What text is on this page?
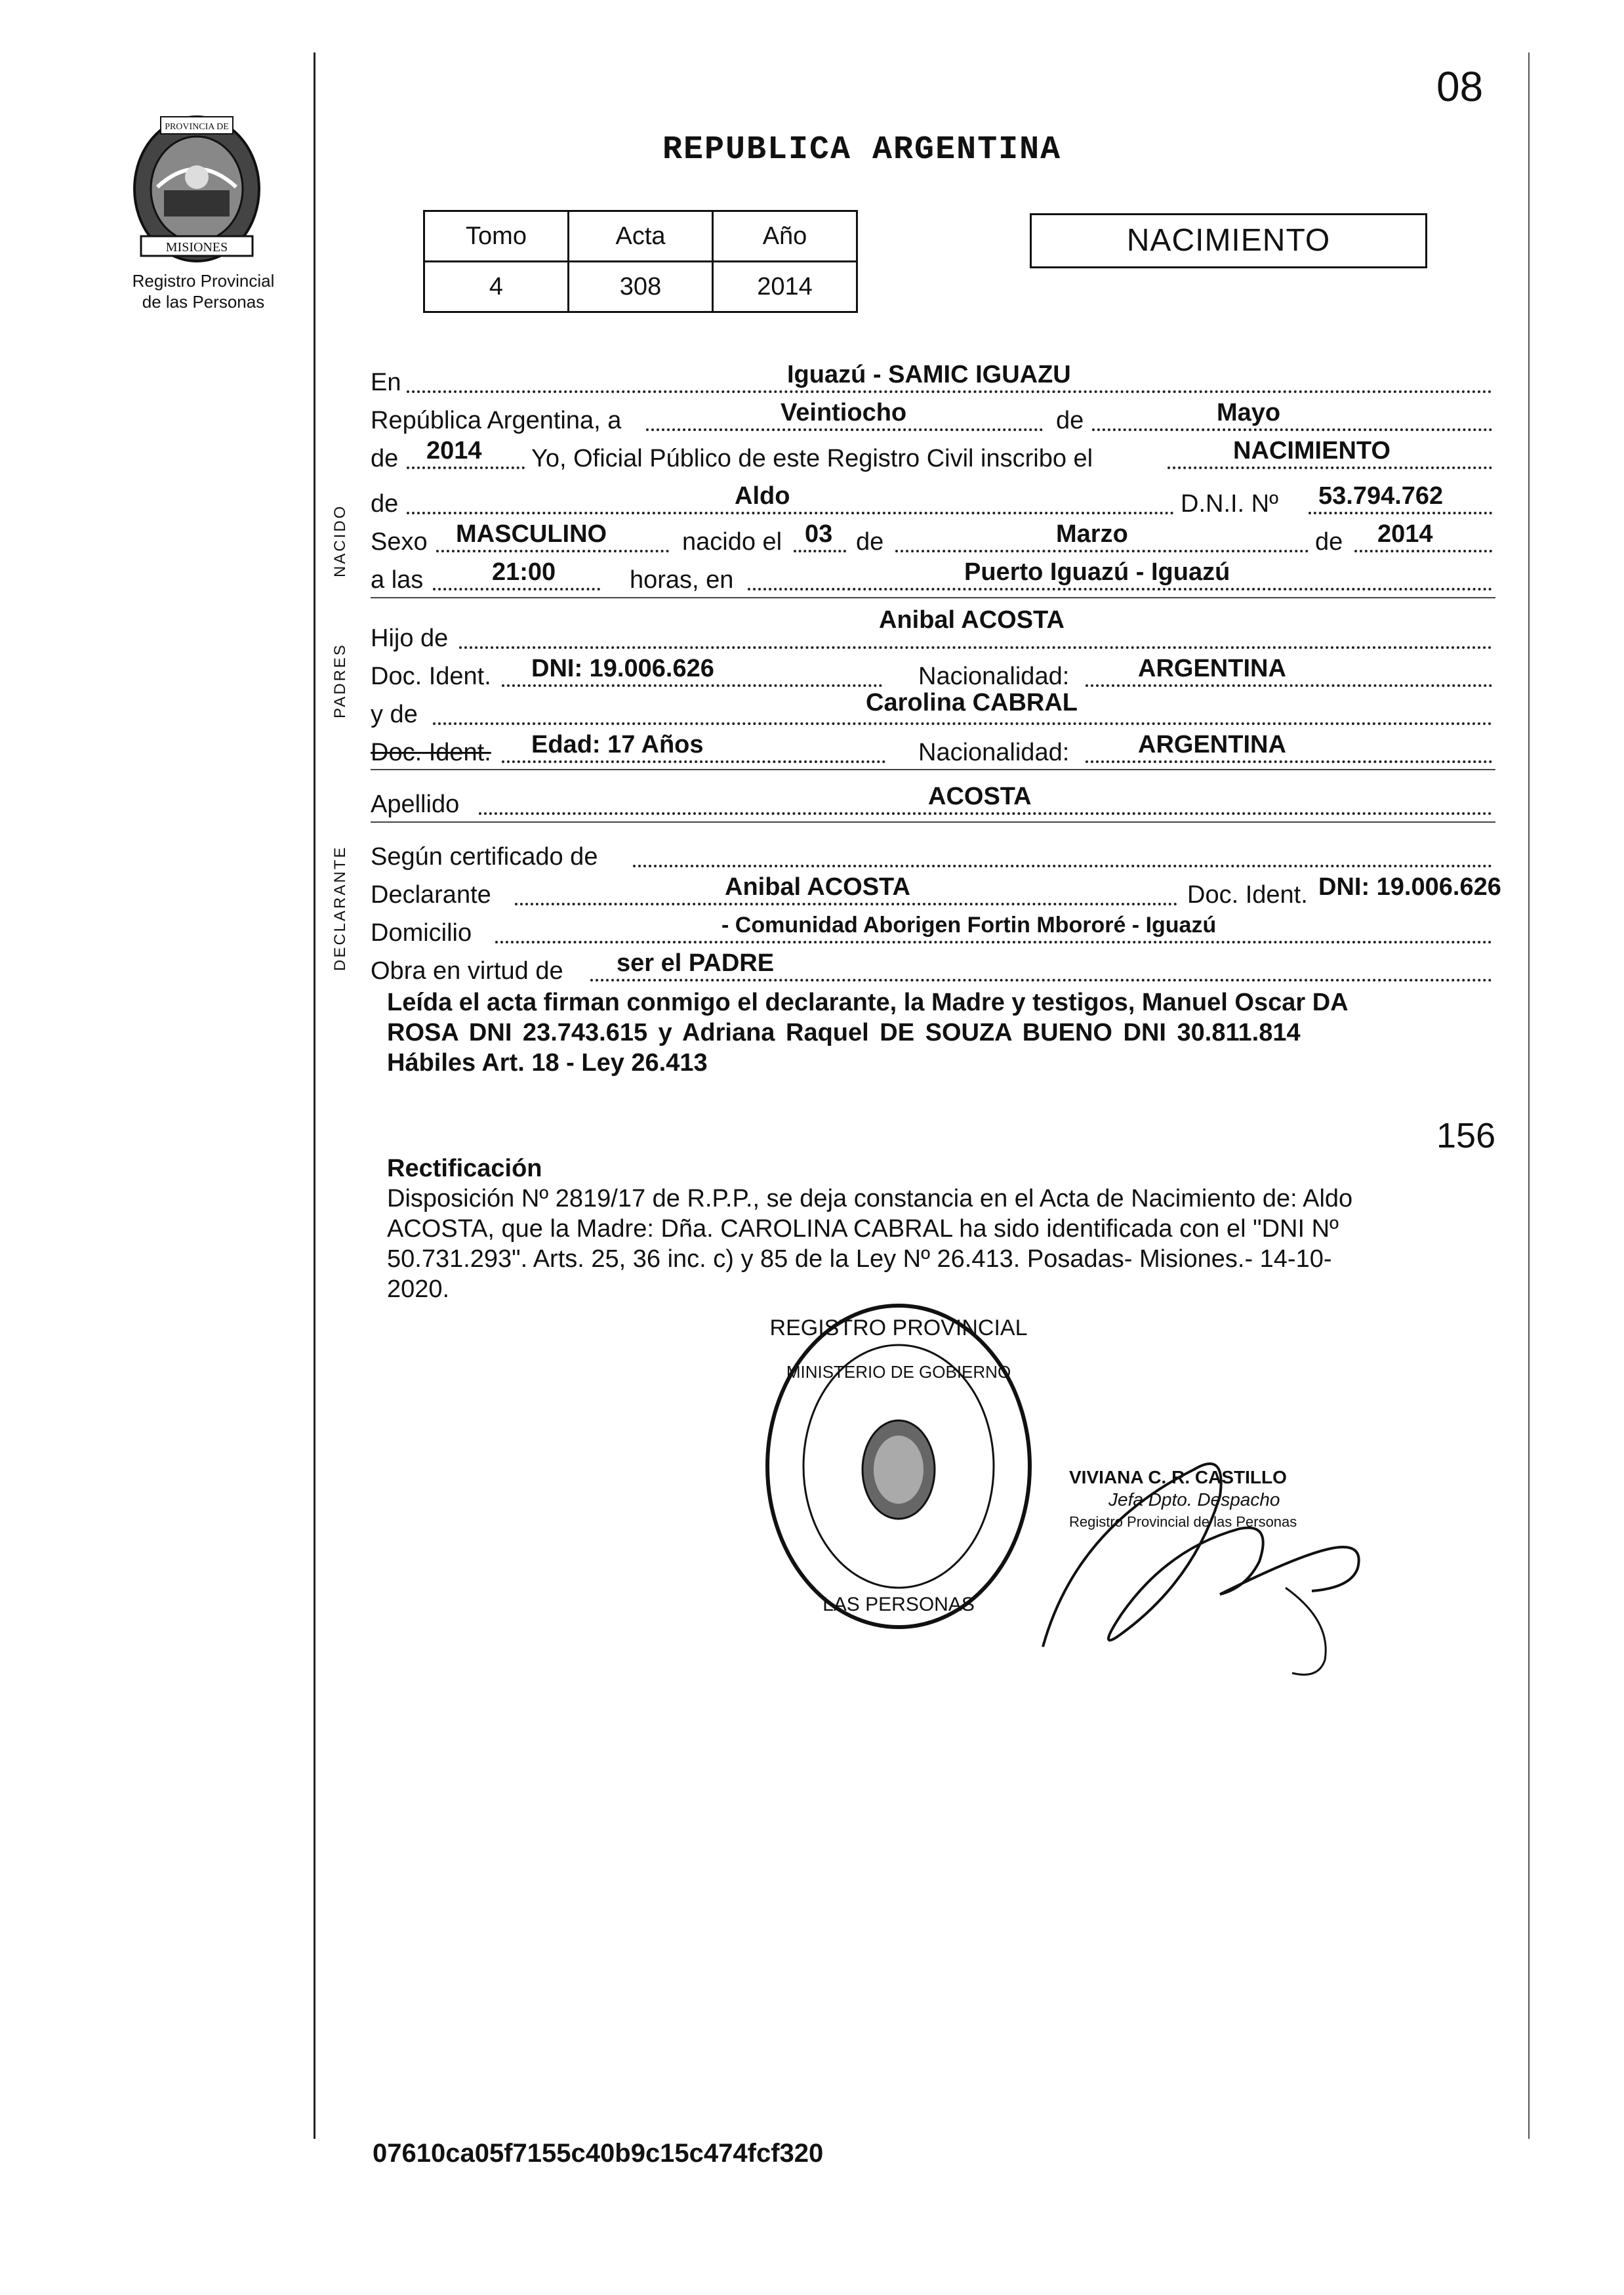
MISIONES
PROVINCIA DE
Registro Provincial
de las Personas
08
REPUBLICA ARGENTINA
Tomo	Acta	Año
4	308	2014
NACIMIENTO
NACIDO
PADRES
DECLARANTE
En	Iguazú - SAMIC IGUAZU
República Argentina, a	Veintiocho	de	Mayo
de 2014 Yo, Oficial Público de este Registro Civil inscribo el	NACIMIENTO
de	Aldo	D.N.I. Nº 53.794.762
Sexo MASCULINO	nacido el 03 de	Marzo	de 2014
a las	21:00	horas, en	Puerto Iguazú - Iguazú
Hijo de
Anibal ACOSTA
Doc. Ident. DNI: 19.006.626	Nacionalidad:	ARGENTINA
y de	Carolina CABRAL
Doc. Ident. Edad: 17 Años	Nacionalidad:	ARGENTINA
Apellido	ACOSTA
Según certificado de
Declarante	Anibal ACOSTA	Doc. Ident. DNI: 19.006.626
Domicilio	- Comunidad Aborigen Fortin Mbororé - Iguazú
Obra en virtud de ser el PADRE
Leída el acta firman conmigo el declarante, la Madre y testigos, Manuel Oscar DA
ROSA DNI 23.743.615 y Adriana Raquel DE SOUZA BUENO DNI 30.811.814
Hábiles Art. 18 - Ley 26.413
156
Rectificación
Disposición Nº 2819/17 de R.P.P., se deja constancia en el Acta de Nacimiento de: Aldo
ACOSTA, que la Madre: Dña. CAROLINA CABRAL ha sido identificada con el "DNI Nº
50.731.293". Arts. 25, 36 inc. c) y 85 de la Ley Nº 26.413. Posadas- Misiones.- 14-10-
2020.
REGISTRO PROVINCIAL
MINISTERIO DE GOBIERNO
LAS PERSONAS
VIVIANA C. R. CASTILLO
Jefa Dpto. Despacho
Registro Provincial de las Personas
07610ca05f7155c40b9c15c474fcf320
